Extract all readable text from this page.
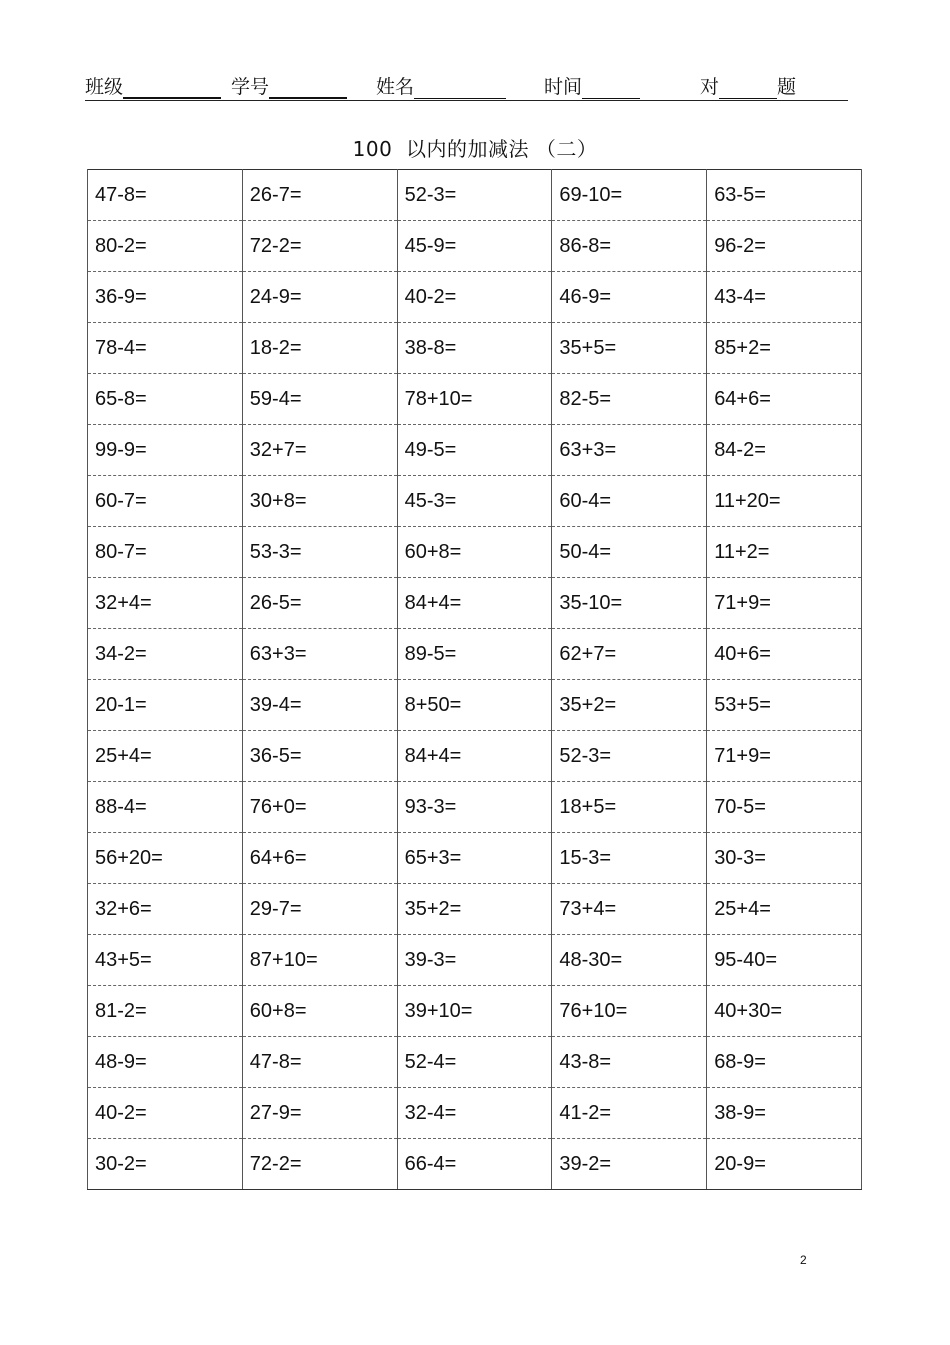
班级	学号	姓名	时间	对	题
100  以内的加减法 （二）
47-8=	26-7=	52-3=	69-10=	63-5=
80-2=	72-2=	45-9=	86-8=	96-2=
36-9=	24-9=	40-2=	46-9=	43-4=
78-4=	18-2=	38-8=	35+5=	85+2=
65-8=	59-4=	78+10=	82-5=	64+6=
99-9=	32+7=	49-5=	63+3=	84-2=
60-7=	30+8=	45-3=	60-4=	11+20=
80-7=	53-3=	60+8=	50-4=	11+2=
32+4=	26-5=	84+4=	35-10=	71+9=
34-2=	63+3=	89-5=	62+7=	40+6=
20-1=	39-4=	8+50=	35+2=	53+5=
25+4=	36-5=	84+4=	52-3=	71+9=
88-4=	76+0=	93-3=	18+5=	70-5=
56+20=	64+6=	65+3=	15-3=	30-3=
32+6=	29-7=	35+2=	73+4=	25+4=
43+5=	87+10=	39-3=	48-30=	95-40=
81-2=	60+8=	39+10=	76+10=	40+30=
48-9=	47-8=	52-4=	43-8=	68-9=
40-2=	27-9=	32-4=	41-2=	38-9=
30-2=	72-2=	66-4=	39-2=	20-9=
2
